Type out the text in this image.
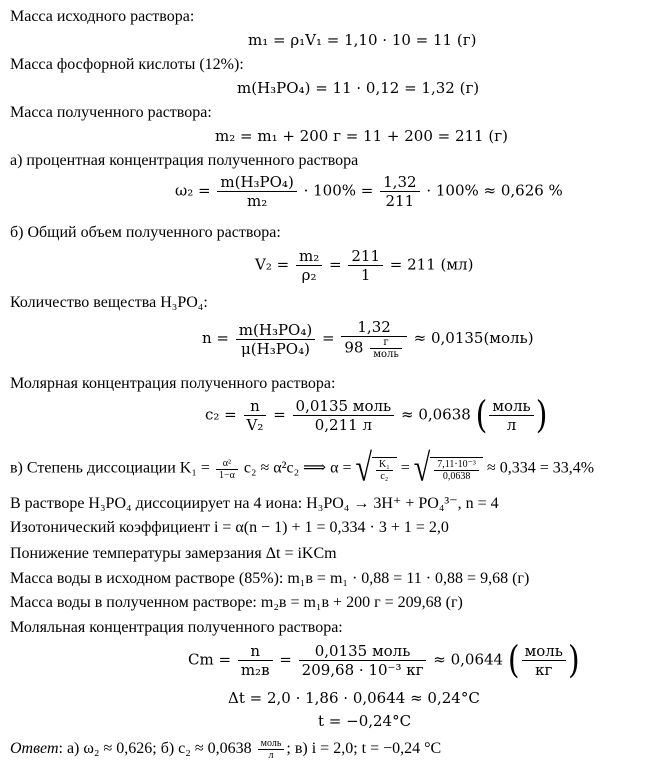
Масса исходного раствора:
m₁ = ρ₁V₁ = 1,10 · 10 = 11 (г)
Масса фосфорной кислоты (12%):
m(H₃PO₄) = 11 · 0,12 = 1,32 (г)
Масса полученного раствора:
m₂ = m₁ + 200 г = 11 + 200 = 211 (г)
а) процентная концентрация полученного раствора
$\omega_2 = \frac{\text{m(H₃PO₄)}}{\text{m₂}} \cdot 100\% = \frac{1,32}{211} \cdot 100\% \approx 0,626$ %
б) Общий объем полученного раствора:
$V_2 = \frac{\text{m₂}}{\text{ρ₂}} = \frac{211}{1} = 211$ (мл)
Количество вещества H₃PO₄:
$n = \frac{\text{m(H₃PO₄)}}{\text{μ(H₃PO₄)}} = \frac{1,32}{98 \frac{г}{\text{моль}}}$ ≈ 0,0135(моль)
Молярная концентрация полученного раствора:
$c_2 = \frac{n}{\text{V₂}} = \frac{\text{0,0135 моль}}{0,211 л} \approx 0,0638$ ( $\frac{\text{моль}}{л}$ )
в) Степень диссоциации $K_1 = \frac{\text{α²}}{1-\alpha} c_2 \approx \alpha^2c_2$ ⟹ α = √ $\frac{\text{K₁}}{\text{c₂}}$ = √ $\frac{\text{7,11·10⁻³}}{0,0638} \approx 0,334 = 33,4\%$
В растворе H₃PO₄ диссоциирует на 4 иона: H₃PO₄ → 3H⁺ + PO₄³⁻, n = 4
Изотонический коэффициент i = α(n − 1) + 1 = 0,334 · 3 + 1 = 2,0
Понижение температуры замерзания Δt = iKCm
Масса воды в исходном растворе (85%): m₁в = m₁ · 0,88 = 11 · 0,88 = 9,68 (г)
Масса воды в полученном растворе: m₂в = m₁в + 200 г = 209,68 (г)
Моляльная концентрация полученного раствора:
$Cm = \frac{n}{\text{m₂в}} = \frac{\text{0,0135 моль}}{\text{209,68 · 10⁻³ кг}} \approx 0,0644$ ( $\frac{\text{моль}}{кг}$ )
Δt = 2,0 · 1,86 · 0,0644 ≈ 0,24°C
t = −0,24°C
Ответ: а) ω₂ ≈ 0,626; б) $c_2 \approx 0,0638 \frac{\text{моль}}{л}$ ; в) i = 2,0; t = −0,24 °C
